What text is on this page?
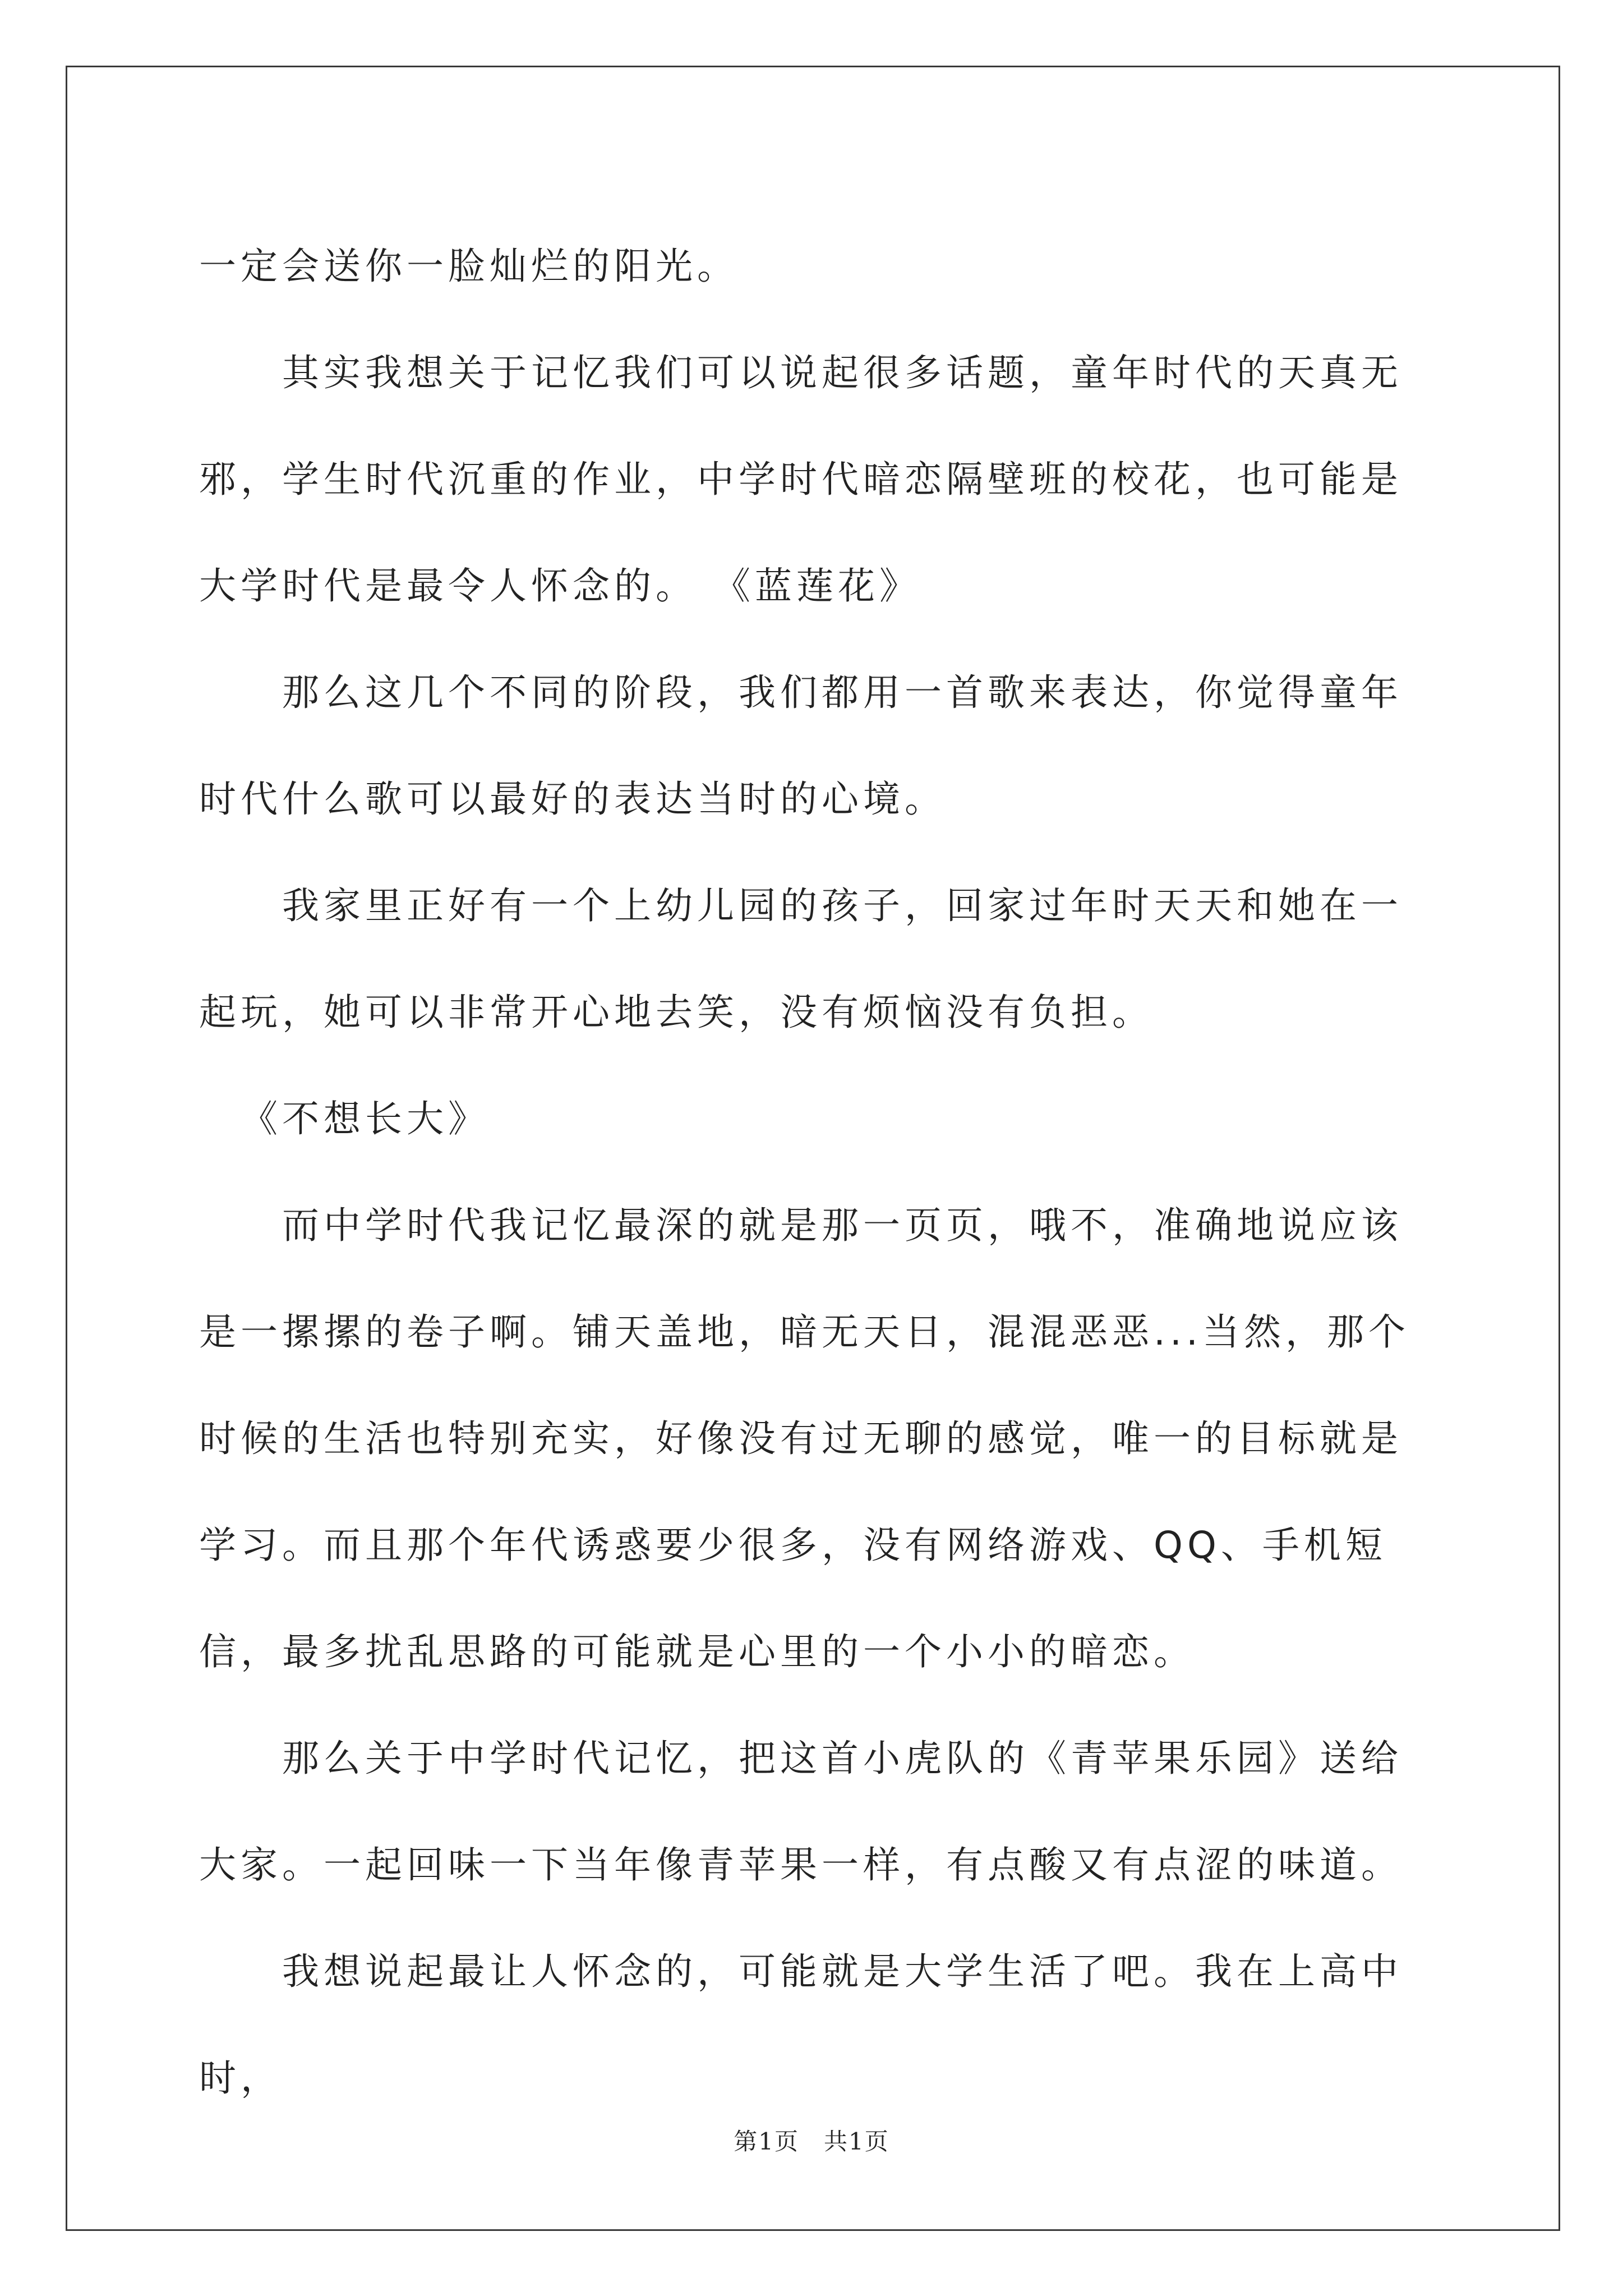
一定会送你一脸灿烂的阳光。

其实我想关于记忆我们可以说起很多话题，童年时代的天真无邪，学生时代沉重的作业，中学时代暗恋隔壁班的校花，也可能是大学时代是最令人怀念的。 《蓝莲花》

那么这几个不同的阶段，我们都用一首歌来表达，你觉得童年时代什么歌可以最好的表达当时的心境。

我家里正好有一个上幼儿园的孩子，回家过年时天天和她在一起玩，她可以非常开心地去笑，没有烦恼没有负担。

《不想长大》

而中学时代我记忆最深的就是那一页页，哦不，准确地说应该是一摞摞的卷子啊。铺天盖地，暗无天日，混混恶恶...当然，那个时候的生活也特别充实，好像没有过无聊的感觉，唯一的目标就是学习。而且那个年代诱惑要少很多，没有网络游戏、QQ、手机短信，最多扰乱思路的可能就是心里的一个小小的暗恋。

那么关于中学时代记忆，把这首小虎队的《青苹果乐园》送给大家。一起回味一下当年像青苹果一样，有点酸又有点涩的味道。

我想说起最让人怀念的，可能就是大学生活了吧。我在上高中时，

第1页　共1页
